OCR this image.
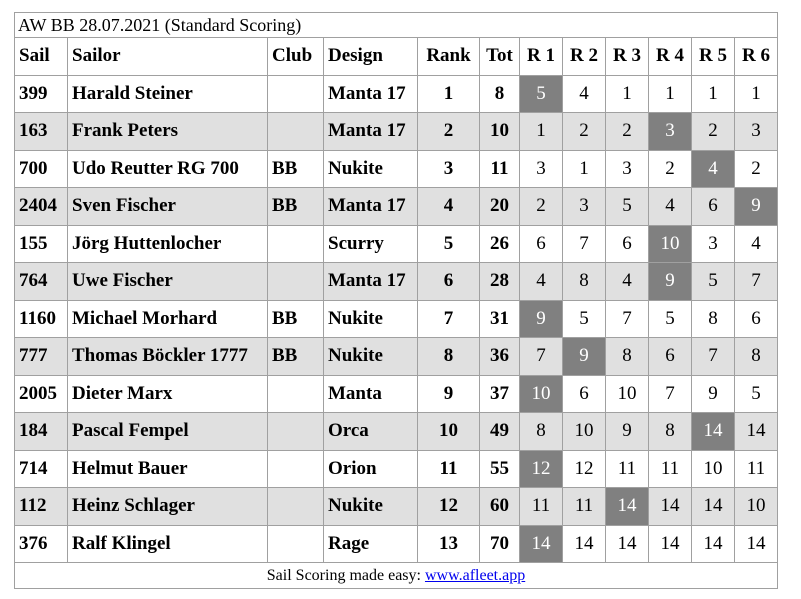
AW BB 28.07.2021 (Standard Scoring)											
Sail	Sailor	Club	Design	Rank	Tot	R 1	R 2	R 3	R 4	R 5	R 6
399	Harald Steiner		Manta 17	1	8	5	4	1	1	1	1
163	Frank Peters		Manta 17	2	10	1	2	2	3	2	3
700	Udo Reutter RG 700	BB	Nukite	3	11	3	1	3	2	4	2
2404	Sven Fischer	BB	Manta 17	4	20	2	3	5	4	6	9
155	Jörg Huttenlocher		Scurry	5	26	6	7	6	10	3	4
764	Uwe Fischer		Manta 17	6	28	4	8	4	9	5	7
1160	Michael Morhard	BB	Nukite	7	31	9	5	7	5	8	6
777	Thomas Böckler 1777	BB	Nukite	8	36	7	9	8	6	7	8
2005	Dieter Marx		Manta	9	37	10	6	10	7	9	5
184	Pascal Fempel		Orca	10	49	8	10	9	8	14	14
714	Helmut Bauer		Orion	11	55	12	12	11	11	10	11
112	Heinz Schlager		Nukite	12	60	11	11	14	14	14	10
376	Ralf Klingel		Rage	13	70	14	14	14	14	14	14
Sail Scoring made easy: www.afleet.app											
